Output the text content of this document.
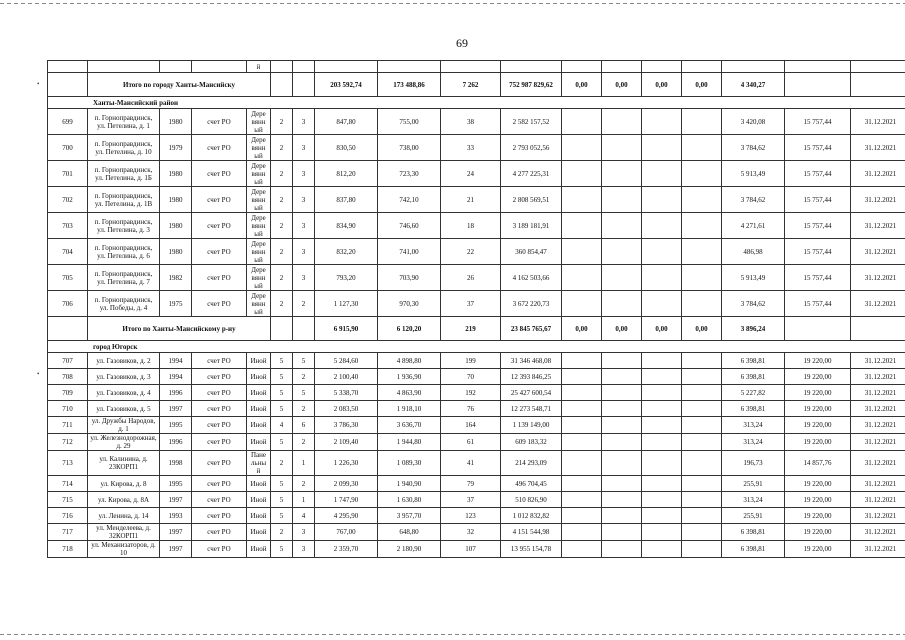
69
•
•
				й													
	Итого по городу Ханты-Мансийску						203 592,74	173 488,86	7 262	752 987 829,62	0,00	0,00	0,00	0,00	4 340,27		
Ханты-Мансийский район																	
699	п. Горноправдинск, ул. Петелина, д. 1	1980	счет РО	Дере вянн ый	2	3	847,80	755,00	38	2 582 157,52					3 420,08	15 757,44	31.12.2021
700	п. Горноправдинск, ул. Петелина, д. 10	1979	счет РО	Дере вянн ый	2	3	830,50	738,00	33	2 793 052,56					3 784,62	15 757,44	31.12.2021
701	п. Горноправдинск, ул. Петелина, д. 1Б	1980	счет РО	Дере вянн ый	2	3	812,20	723,30	24	4 277 225,31					5 913,49	15 757,44	31.12.2021
702	п. Горноправдинск, ул. Петелина, д. 1В	1980	счет РО	Дере вянн ый	2	3	837,80	742,10	21	2 808 569,51					3 784,62	15 757,44	31.12.2021
703	п. Горноправдинск, ул. Петелина, д. 3	1980	счет РО	Дере вянн ый	2	3	834,90	746,60	18	3 189 181,91					4 271,61	15 757,44	31.12.2021
704	п. Горноправдинск, ул. Петелина, д. 6	1980	счет РО	Дере вянн ый	2	3	832,20	741,00	22	360 854,47					486,98	15 757,44	31.12.2021
705	п. Горноправдинск, ул. Петелина, д. 7	1982	счет РО	Дере вянн ый	2	3	793,20	703,90	26	4 162 503,66					5 913,49	15 757,44	31.12.2021
706	п. Горноправдинск, ул. Победы, д. 4	1975	счет РО	Дере вянн ый	2	2	1 127,30	970,30	37	3 672 220,73					3 784,62	15 757,44	31.12.2021
	Итого по Ханты-Мансийскому р-ну						6 915,90	6 120,20	219	23 845 765,67	0,00	0,00	0,00	0,00	3 896,24		
город Югорск																	
707	ул. Газовиков, д. 2	1994	счет РО	Иной	5	5	5 284,60	4 898,80	199	31 346 468,08					6 398,81	19 220,00	31.12.2021
708	ул. Газовиков, д. 3	1994	счет РО	Иной	5	2	2 100,40	1 936,90	70	12 393 846,25					6 398,81	19 220,00	31.12.2021
709	ул. Газовиков, д. 4	1996	счет РО	Иной	5	5	5 338,70	4 863,90	192	25 427 600,54					5 227,82	19 220,00	31.12.2021
710	ул. Газовиков, д. 5	1997	счет РО	Иной	5	2	2 083,50	1 918,10	76	12 273 548,71					6 398,81	19 220,00	31.12.2021
711	ул. Дружбы Народов, д. 1	1995	счет РО	Иной	4	6	3 786,30	3 636,70	164	1 139 149,00					313,24	19 220,00	31.12.2021
712	ул. Железнодорожная, д. 29	1996	счет РО	Иной	5	2	2 109,40	1 944,80	61	609 183,32					313,24	19 220,00	31.12.2021
713	ул. Калинина, д. 23КОРП1	1998	счет РО	Пане льны й	2	1	1 226,30	1 089,30	41	214 293,09					196,73	14 857,76	31.12.2021
714	ул. Кирова, д. 8	1995	счет РО	Иной	5	2	2 099,30	1 940,90	79	496 704,45					255,91	19 220,00	31.12.2021
715	ул. Кирова, д. 8А	1997	счет РО	Иной	5	1	1 747,90	1 630,80	37	510 826,90					313,24	19 220,00	31.12.2021
716	ул. Ленина, д. 14	1993	счет РО	Иной	5	4	4 295,90	3 957,70	123	1 012 832,82					255,91	19 220,00	31.12.2021
717	ул. Менделеева, д. 32КОРП1	1997	счет РО	Иной	2	3	767,00	648,80	32	4 151 544,98					6 398,81	19 220,00	31.12.2021
718	ул. Механизаторов, д. 10	1997	счет РО	Иной	5	3	2 359,70	2 180,90	107	13 955 154,78					6 398,81	19 220,00	31.12.2021
